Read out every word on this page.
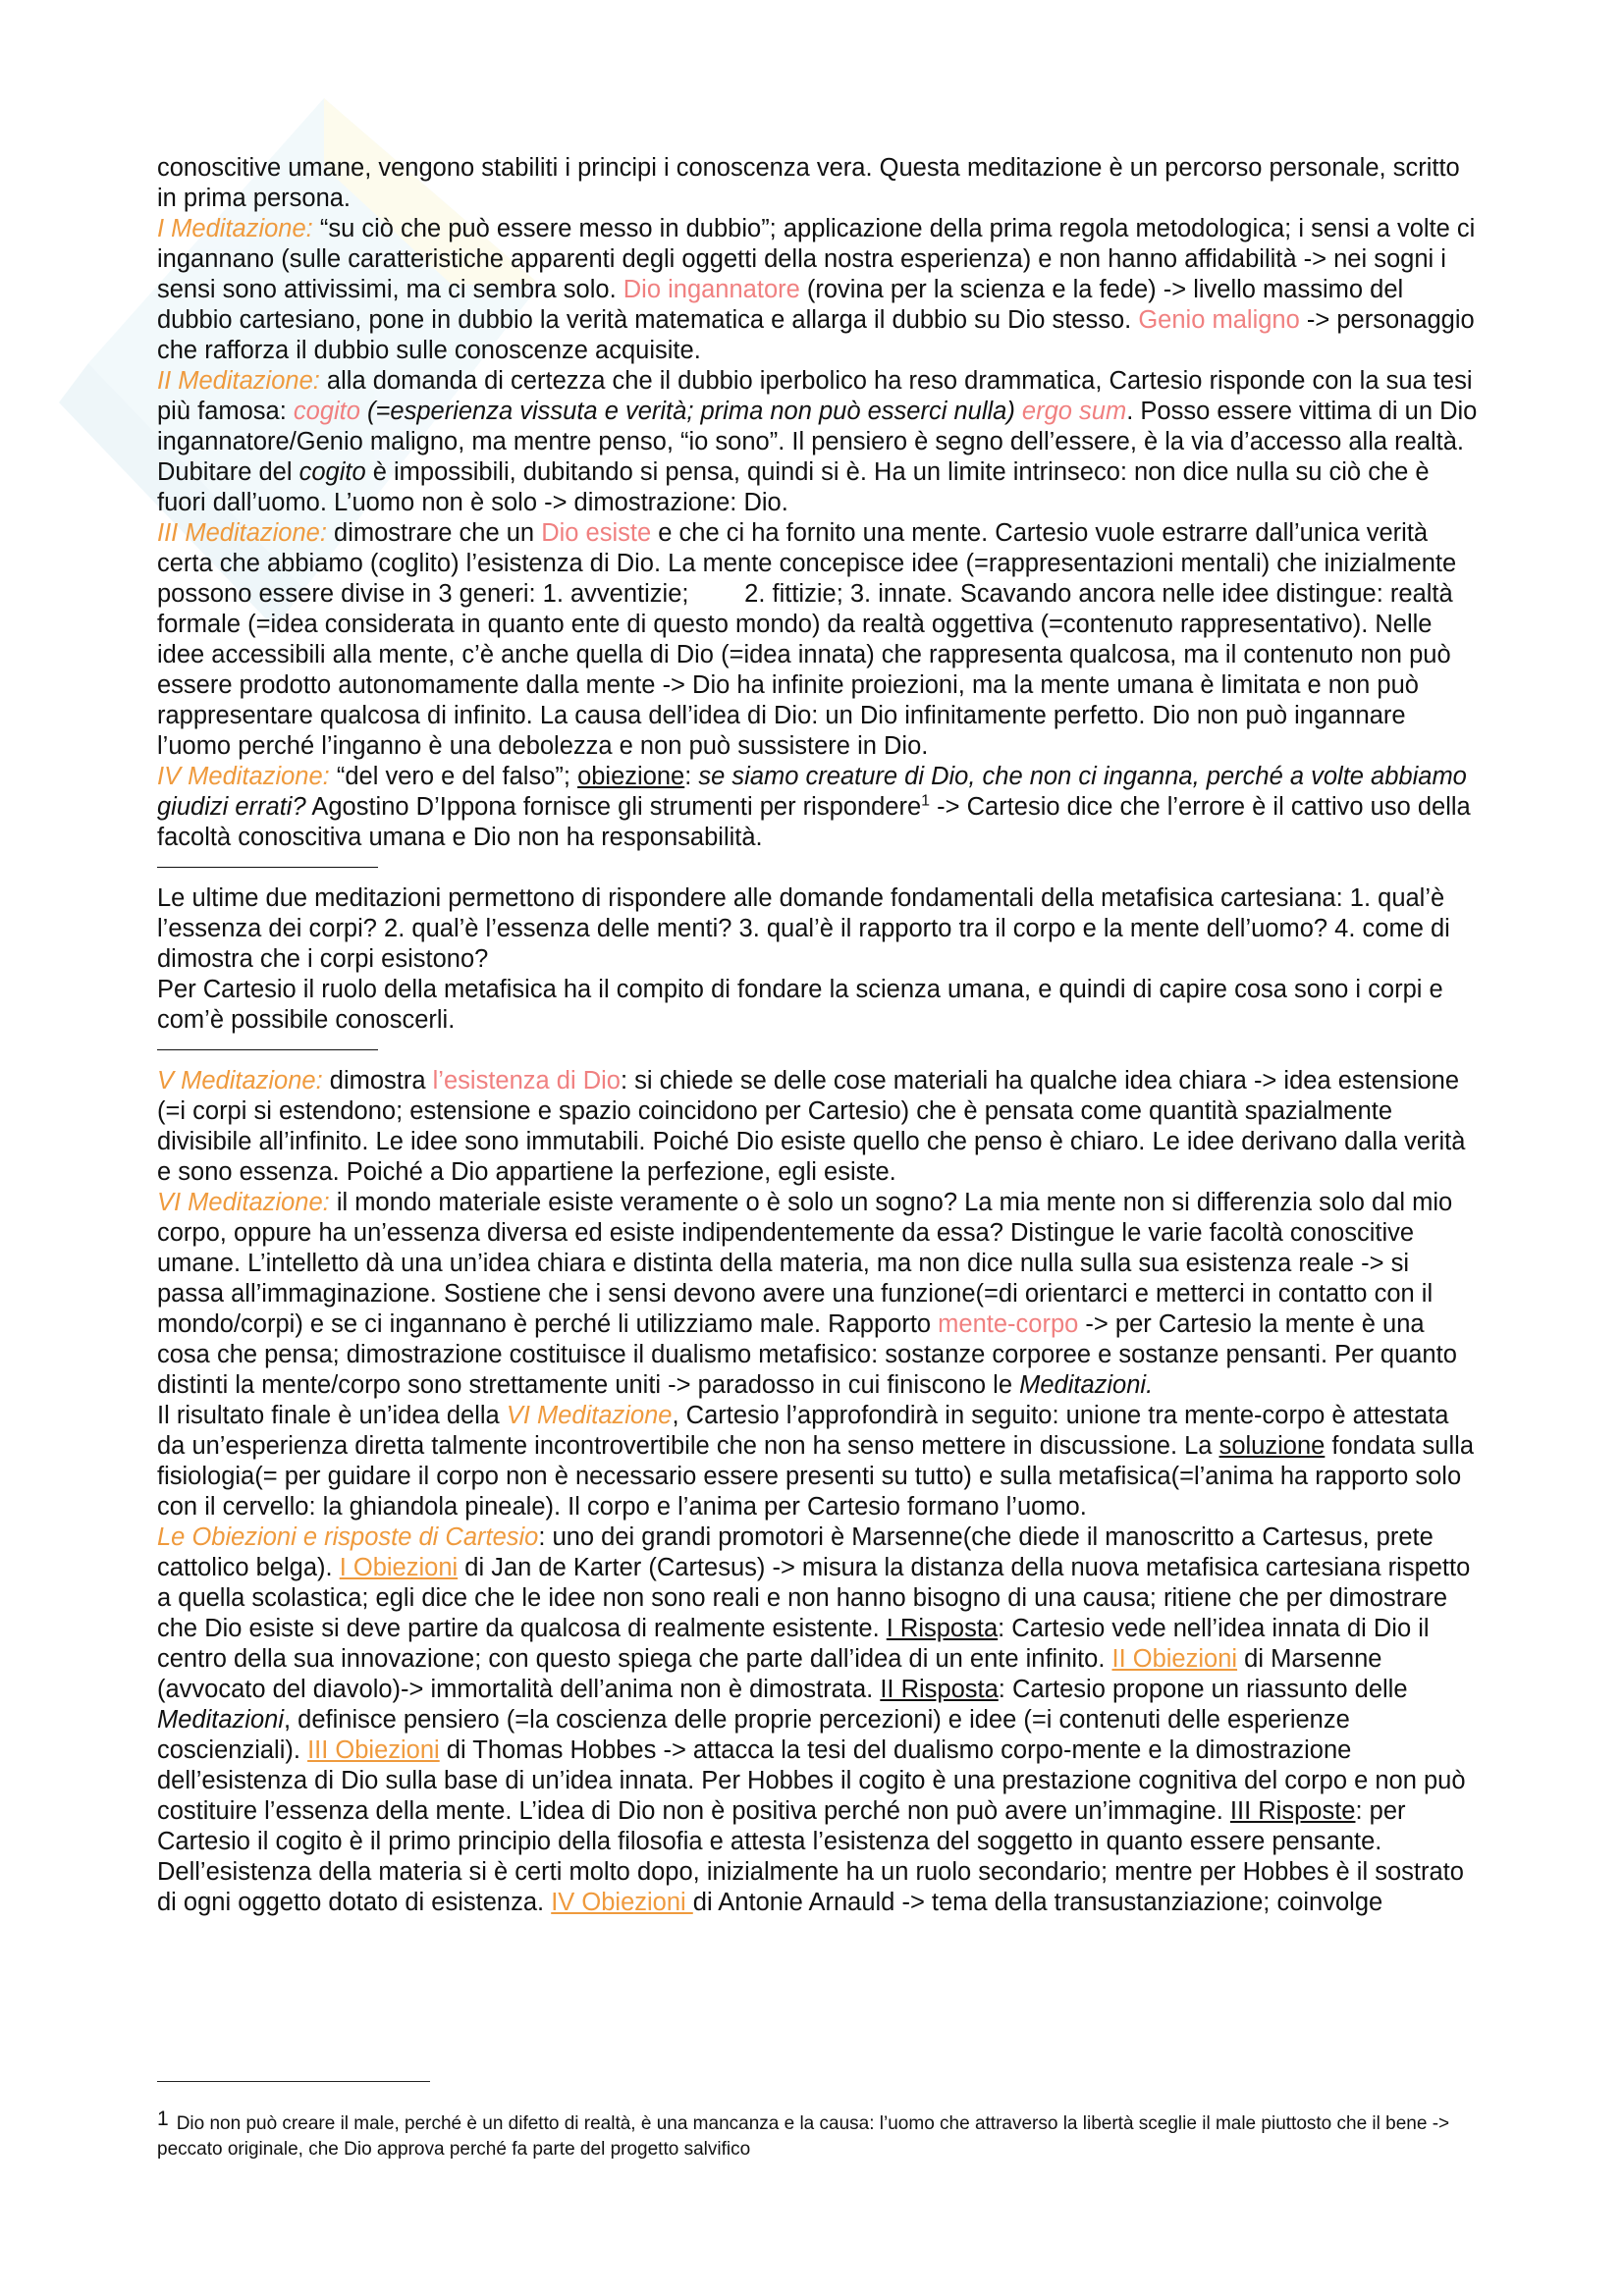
conoscitive umane, vengono stabiliti i principi i conoscenza vera. Questa meditazione è un percorso personale, scritto in prima persona.

I Meditazione: “su ciò che può essere messo in dubbio”; applicazione della prima regola metodologica; i sensi a volte ci ingannano (sulle caratteristiche apparenti degli oggetti della nostra esperienza) e non hanno affidabilità -> nei sogni i sensi sono attivissimi, ma ci sembra solo. Dio ingannatore (rovina per la scienza e la fede) -> livello massimo del dubbio cartesiano, pone in dubbio la verità matematica e allarga il dubbio su Dio stesso. Genio maligno -> personaggio che rafforza il dubbio sulle conoscenze acquisite.

II Meditazione: alla domanda di certezza che il dubbio iperbolico ha reso drammatica, Cartesio risponde con la sua tesi più famosa: cogito (=esperienza vissuta e verità; prima non può esserci nulla) ergo sum. Posso essere vittima di un Dio ingannatore/Genio maligno, ma mentre penso, “io sono”. Il pensiero è segno dell’essere, è la via d’accesso alla realtà. Dubitare del cogito è impossibili, dubitando si pensa, quindi si è. Ha un limite intrinseco: non dice nulla su ciò che è fuori dall’uomo. L’uomo non è solo -> dimostrazione: Dio.

III Meditazione: dimostrare che un Dio esiste e che ci ha fornito una mente. Cartesio vuole estrarre dall’unica verità certa che abbiamo (coglito) l’esistenza di Dio. La mente concepisce idee (=rappresentazioni mentali) che inizialmente possono essere divise in 3 generi: 1. avventizie;        2. fittizie; 3. innate. Scavando ancora nelle idee distingue: realtà formale (=idea considerata in quanto ente di questo mondo) da realtà oggettiva (=contenuto rappresentativo). Nelle idee accessibili alla mente, c’è anche quella di Dio (=idea innata) che rappresenta qualcosa, ma il contenuto non può essere prodotto autonomamente dalla mente -> Dio ha infinite proiezioni, ma la mente umana è limitata e non può rappresentare qualcosa di infinito. La causa dell’idea di Dio: un Dio infinitamente perfetto. Dio non può ingannare l’uomo perché l’inganno è una debolezza e non può sussistere in Dio.

IV Meditazione: “del vero e del falso”; obiezione: se siamo creature di Dio, che non ci inganna, perché a volte abbiamo giudizi errati? Agostino D’Ippona fornisce gli strumenti per rispondere$^1$ -> Cartesio dice che l’errore è il cattivo uso della facoltà conoscitiva umana e Dio non ha responsabilità.

Le ultime due meditazioni permettono di rispondere alle domande fondamentali della metafisica cartesiana: 1. qual’è l’essenza dei corpi? 2. qual’è l’essenza delle menti? 3. qual’è il rapporto tra il corpo e la mente dell’uomo? 4. come di dimostra che i corpi esistono?

Per Cartesio il ruolo della metafisica ha il compito di fondare la scienza umana, e quindi di capire cosa sono i corpi e com’è possibile conoscerli.

V Meditazione: dimostra l’esistenza di Dio: si chiede se delle cose materiali ha qualche idea chiara -> idea estensione (=i corpi si estendono; estensione e spazio coincidono per Cartesio) che è pensata come quantità spazialmente divisibile all’infinito. Le idee sono immutabili. Poiché Dio esiste quello che penso è chiaro. Le idee derivano dalla verità e sono essenza. Poiché a Dio appartiene la perfezione, egli esiste.

VI Meditazione: il mondo materiale esiste veramente o è solo un sogno? La mia mente non si differenzia solo dal mio corpo, oppure ha un’essenza diversa ed esiste indipendentemente da essa? Distingue le varie facoltà conoscitive umane. L’intelletto dà una un’idea chiara e distinta della materia, ma non dice nulla sulla sua esistenza reale -> si passa all’immaginazione. Sostiene che i sensi devono avere una funzione(=di orientarci e metterci in contatto con il mondo/corpi) e se ci ingannano è perché li utilizziamo male. Rapporto mente-corpo -> per Cartesio la mente è una cosa che pensa; dimostrazione costituisce il dualismo metafisico: sostanze corporee e sostanze pensanti. Per quanto distinti la mente/corpo sono strettamente uniti -> paradosso in cui finiscono le Meditazioni.

Il risultato finale è un’idea della VI Meditazione, Cartesio l’approfondirà in seguito: unione tra mente-corpo è attestata da un’esperienza diretta talmente incontrovertibile che non ha senso mettere in discussione. La soluzione fondata sulla fisiologia(= per guidare il corpo non è necessario essere presenti su tutto) e sulla metafisica(=l’anima ha rapporto solo con il cervello: la ghiandola pineale). Il corpo e l’anima per Cartesio formano l’uomo.

Le Obiezioni e risposte di Cartesio: uno dei grandi promotori è Marsenne(che diede il manoscritto a Cartesus, prete cattolico belga). I Obiezioni di Jan de Karter (Cartesus) -> misura la distanza della nuova metafisica cartesiana rispetto a quella scolastica; egli dice che le idee non sono reali e non hanno bisogno di una causa; ritiene che per dimostrare che Dio esiste si deve partire da qualcosa di realmente esistente. I Risposta: Cartesio vede nell’idea innata di Dio il centro della sua innovazione; con questo spiega che parte dall’idea di un ente infinito. II Obiezioni di Marsenne (avvocato del diavolo)-> immortalità dell’anima non è dimostrata. II Risposta: Cartesio propone un riassunto delle Meditazioni, definisce pensiero (=la coscienza delle proprie percezioni) e idee (=i contenuti delle esperienze coscienziali). III Obiezioni di Thomas Hobbes -> attacca la tesi del dualismo corpo-mente e la dimostrazione dell’esistenza di Dio sulla base di un’idea innata. Per Hobbes il cogito è una prestazione cognitiva del corpo e non può costituire l’essenza della mente. L’idea di Dio non è positiva perché non può avere un’immagine. III Risposte: per Cartesio il cogito è il primo principio della filosofia e attesta l’esistenza del soggetto in quanto essere pensante. Dell’esistenza della materia si è certi molto dopo, inizialmente ha un ruolo secondario; mentre per Hobbes è il sostrato di ogni oggetto dotato di esistenza. IV Obiezioni di Antonie Arnauld -> tema della transustanziazione; coinvolge

1 Dio non può creare il male, perché è un difetto di realtà, è una mancanza e la causa: l’uomo che attraverso la libertà sceglie il male piuttosto che il bene -> peccato originale, che Dio approva perché fa parte del progetto salvifico
